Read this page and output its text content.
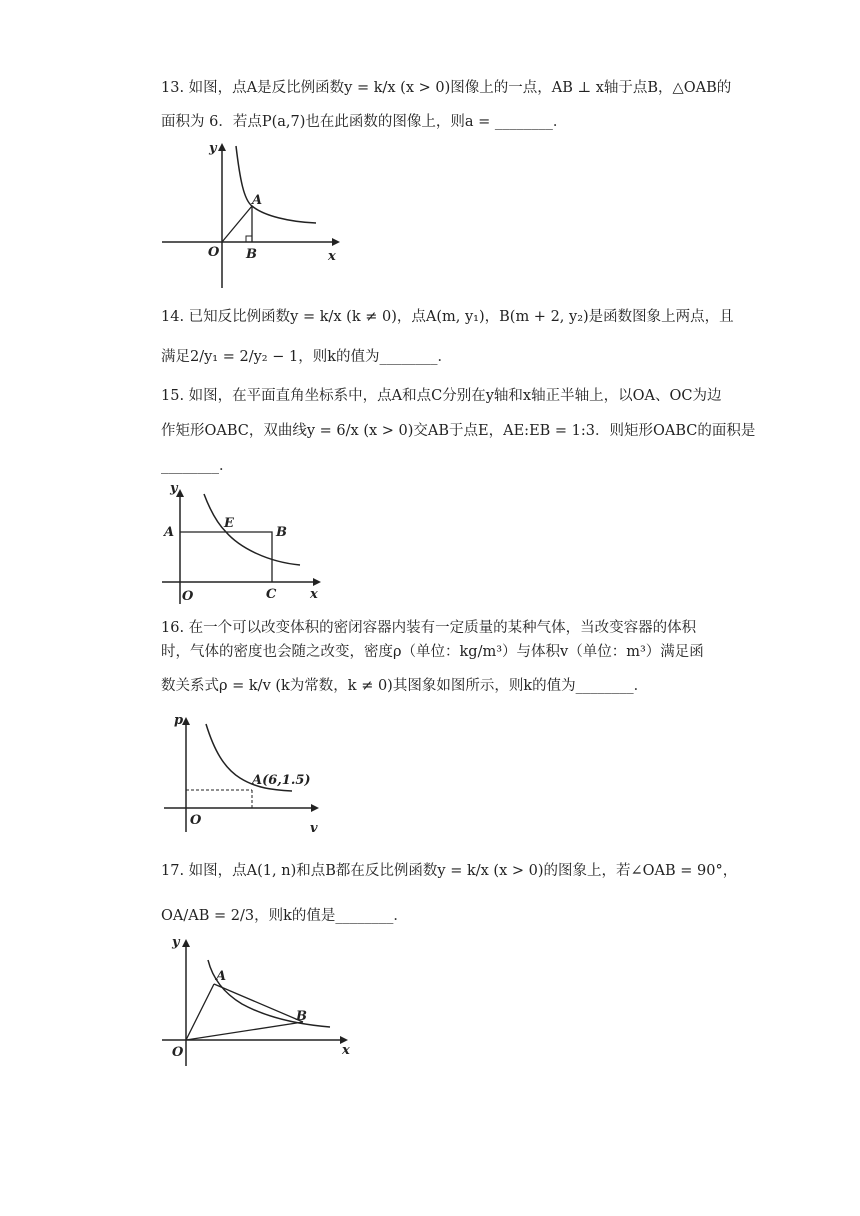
13. 如图，点A是反比例函数y = k/x (x > 0)图像上的一点，AB ⊥ x轴于点B，△OAB的
面积为 6．若点P(a,7)也在此函数的图像上，则a = ________．
y
x
O
A
B
14. 已知反比例函数y = k/x (k ≠ 0)，点A(m, y₁)，B(m + 2, y₂)是函数图象上两点，且
满足2/y₁ = 2/y₂ − 1，则k的值为________．
15. 如图，在平面直角坐标系中，点A和点C分别在y轴和x轴正半轴上，以OA、OC为边
作矩形OABC，双曲线y = 6/x (x > 0)交AB于点E，AE:EB = 1:3．则矩形OABC的面积是
________．
y
x
O
A	B
C
E
16. 在一个可以改变体积的密闭容器内装有一定质量的某种气体，当改变容器的体积
时，气体的密度也会随之改变，密度ρ（单位：kg/m³）与体积v（单位：m³）满足函
数关系式ρ = k/v (k为常数，k ≠ 0)其图象如图所示，则k的值为________．
p
v
O
A(6,1.5)
17. 如图，点A(1, n)和点B都在反比例函数y = k/x (x > 0)的图象上，若∠OAB = 90°，
OA/AB = 2/3，则k的值是________．
y
x
O
A
B
